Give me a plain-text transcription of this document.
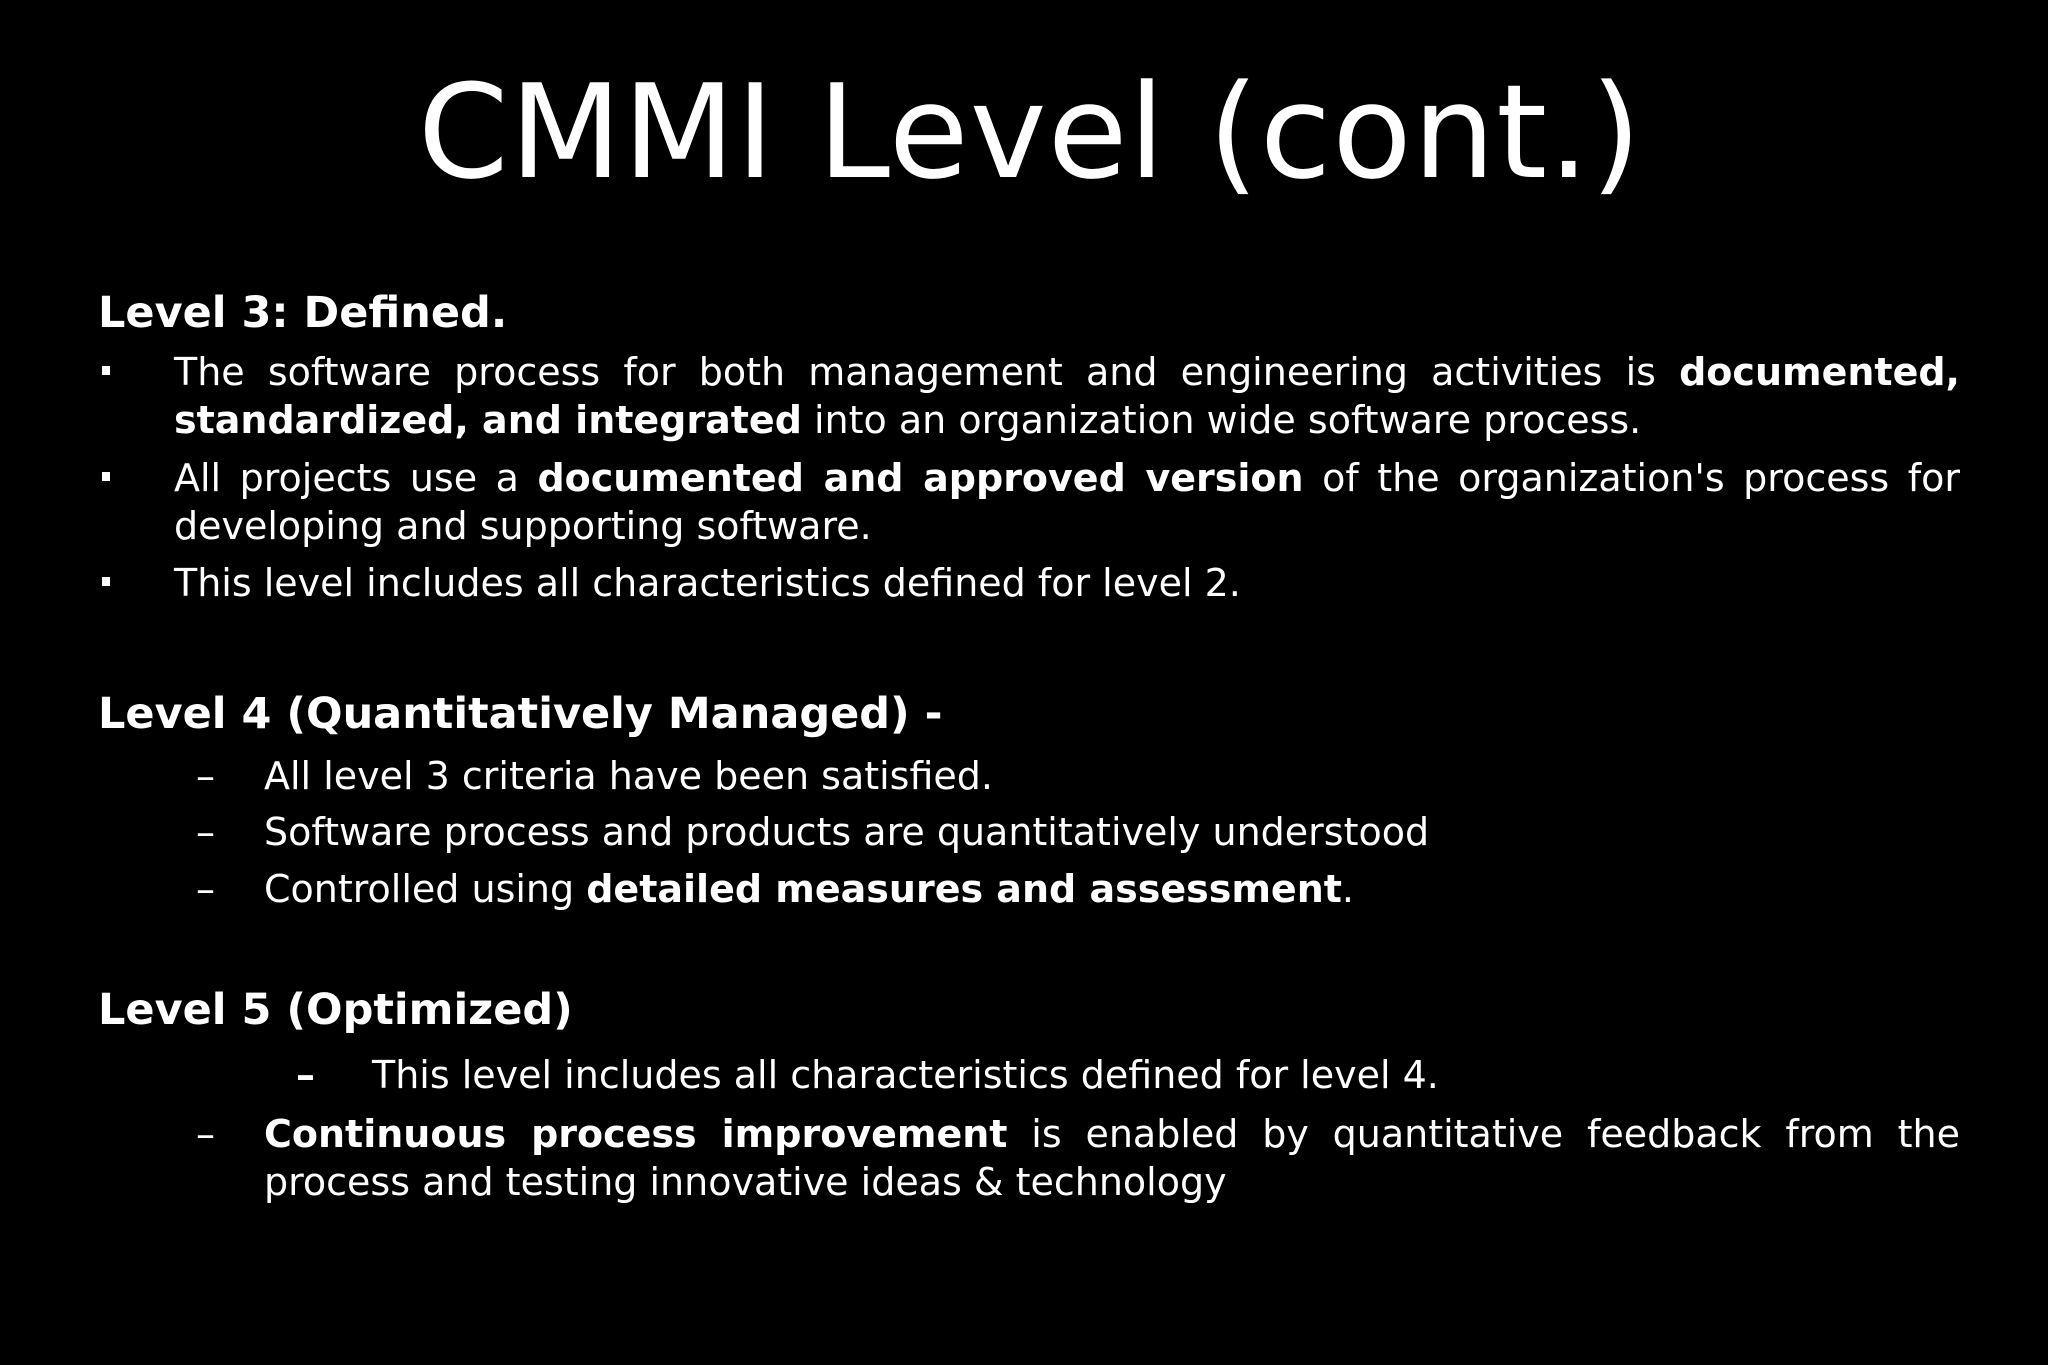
CMMI Level (cont.)
Level 3: Defined.
The software process for both management and engineering activities is documented, standardized, and integrated into an organization wide software process.
All projects use a documented and approved version of the organization's process for developing and supporting software.
This level includes all characteristics defined for level 2.
Level 4 (Quantitatively Managed) -
– All level 3 criteria have been satisfied.
– Software process and products are quantitatively understood
– Controlled using detailed measures and assessment.
Level 5 (Optimized)
– This level includes all characteristics defined for level 4.
– Continuous process improvement is enabled by quantitative feedback from the process and testing innovative ideas & technology
